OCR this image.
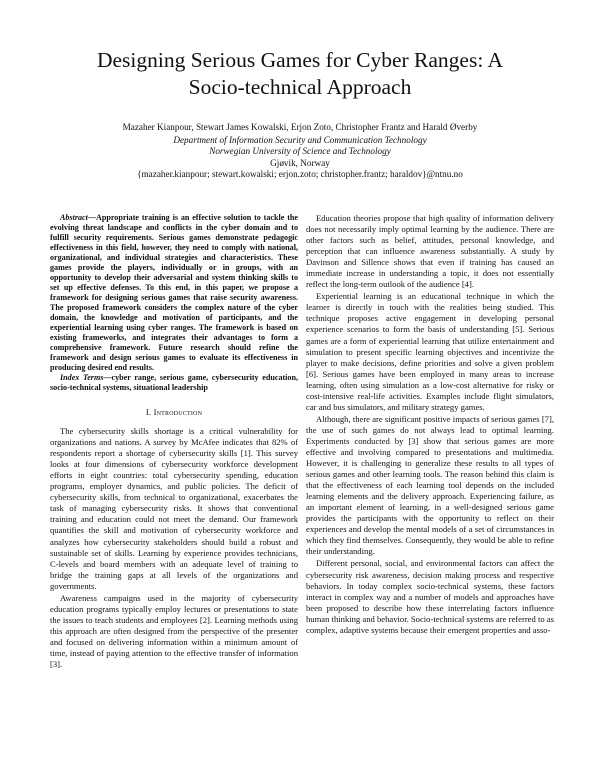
Designing Serious Games for Cyber Ranges: A
Socio-technical Approach
Mazaher Kianpour, Stewart James Kowalski, Erjon Zoto, Christopher Frantz and Harald Øverby
Department of Information Security and Communication Technology
Norwegian University of Science and Technology
Gjøvik, Norway
{mazaher.kianpour; stewart.kowalski; erjon.zoto; christopher.frantz; haraldov}@ntnu.no

Abstract—Appropriate training is an effective solution to tackle the evolving threat landscape and conflicts in the cyber domain and to fulfill security requirements. Serious games demonstrate pedagogic effectiveness in this field, however, they need to comply with national, organizational, and individual strategies and characteristics. These games provide the players, individually or in groups, with an opportunity to develop their adversarial and system thinking skills to set up effective defenses. To this end, in this paper, we propose a framework for designing serious games that raise security awareness. The proposed framework considers the complex nature of the cyber domain, the knowledge and motivation of participants, and the experiential learning using cyber ranges. The framework is based on existing frameworks, and integrates their advantages to form a comprehensive framework. Future research should refine the framework and design serious games to evaluate its effectiveness in producing desired end results.

Index Terms—cyber range, serious game, cybersecurity education, socio-technical systems, situational leadership

I. Introduction

The cybersecurity skills shortage is a critical vulnerability for organizations and nations. A survey by McAfee indicates that 82% of respondents report a shortage of cybersecurity skills [1]. This survey looks at four dimensions of cybersecurity workforce development efforts in eight countries: total cybersecurity spending, education programs, employer dynamics, and public policies. The deficit of cybersecurity skills, from technical to organizational, exacerbates the task of managing cybersecurity risks. It shows that conventional training and education could not meet the demand. Our framework quantifies the skill and motivation of cybersecurity workforce and analyzes how cybersecurity stakeholders should build a robust and sustainable set of skills. Learning by experience provides technicians, C-levels and board members with an adequate level of training to bridge the training gaps at all levels of the organizations and governments.

Awareness campaigns used in the majority of cybersecurity education programs typically employ lectures or presentations to state the issues to teach students and employees [2]. Learning methods using this approach are often designed from the perspective of the presenter and focused on delivering information within a minimum amount of time, instead of paying attention to the effective transfer of information [3].

Education theories propose that high quality of information delivery does not necessarily imply optimal learning by the audience. There are other factors such as belief, attitudes, personal knowledge, and perception that can influence awareness substantially. A study by Davinson and Sillence shows that even if training has caused an immediate increase in understanding a topic, it does not essentially reflect the long-term outlook of the audience [4].

Experiential learning is an educational technique in which the learner is directly in touch with the realities being studied. This technique proposes active engagement in developing personal experience scenarios to form the basis of understanding [5]. Serious games are a form of experiential learning that utilize entertainment and simulation to present specific learning objectives and incentivize the player to make decisions, define priorities and solve a given problem [6]. Serious games have been employed in many areas to increase learning, often using simulation as a low-cost alternative for risky or cost-intensive real-life activities. Examples include flight simulators, car and bus simulators, and military strategy games.

Although, there are significant positive impacts of serious games [7], the use of such games do not always lead to optimal learning. Experiments conducted by [3] show that serious games are more effective and involving compared to presentations and multimedia. However, it is challenging to generalize these results to all types of serious games and other learning tools. The reason behind this claim is that the effectiveness of each learning tool depends on the included learning elements and the delivery approach. Experiencing failure, as an important element of learning, in a well-designed serious game provides the participants with the opportunity to reflect on their experiences and develop the mental models of a set of circumstances in which they find themselves. Consequently, they would be able to refine their understanding.

Different personal, social, and environmental factors can affect the cybersecurity risk awareness, decision making process and respective behaviors. In today complex socio-technical systems, these factors interact in complex way and a number of models and approaches have been proposed to describe how these interrelating factors influence human thinking and behavior. Socio-technical systems are referred to as complex, adaptive systems because their emergent properties and asso-
